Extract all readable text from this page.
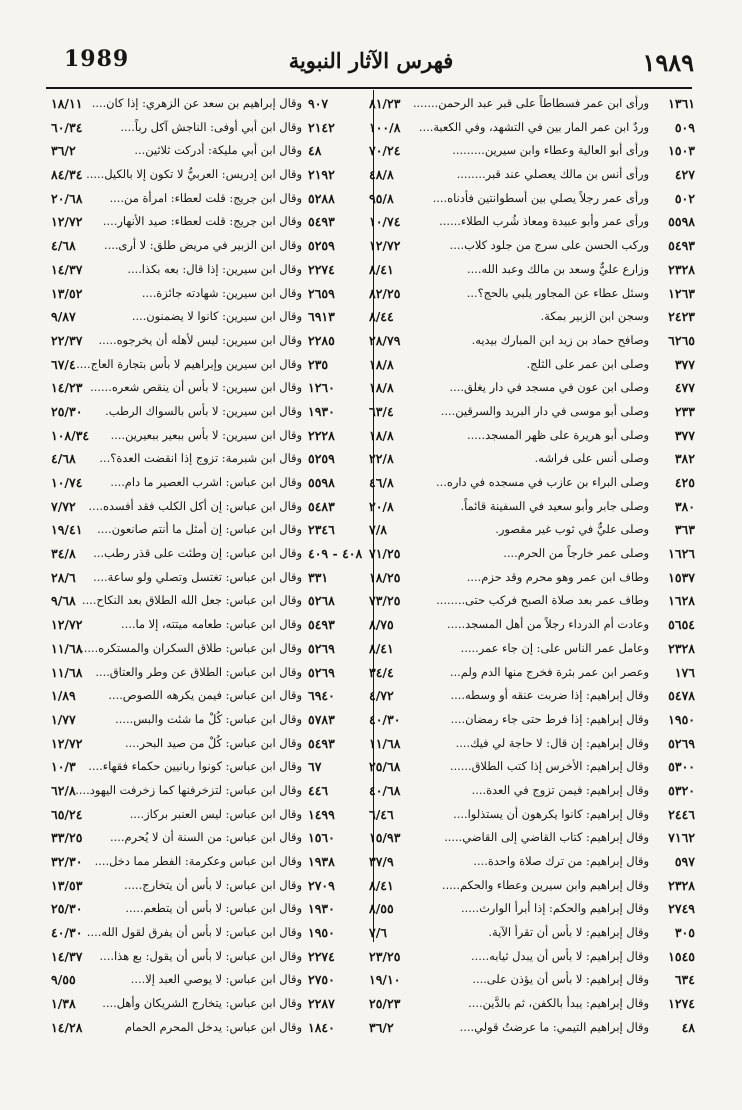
1989	فهرس الآثار النبوية	١٩٨٩
١٣٦١
ورأى ابن عمر فسطاطاً على قبر عبد الرحمن.......
٨١/٢٣
٥٠٩
وردٌ ابن عمر المار بين في التشهد، وفي الكعبة....
١٠٠/٨
١٥٠٣
ورأى أبو العالية وعطاء وابن سيرين.........
٧٠/٢٤
٤٢٧
ورأى أنس بن مالك يعصلي عند قبر........
٤٨/٨
٥٠٢
ورأى عمر رجلاً يصلي بين أسطوانتين فأدناه....
٩٥/٨
٥٥٩٨
ورأى عمر وأبو عبيدة ومعاذ شُرب الطلاء......
١٠/٧٤
٥٤٩٣
وركب الحسن على سرج من جلود كلاب....
١٢/٧٢
٢٣٢٨
وزارع عليٌّ وسعد بن مالك وعبد الله....
٨/٤١
١٢٦٣
وسئل عطاء عن المجاور يلبي بالحج؟...
٨٢/٢٥
٢٤٢٣
وسجن ابن الزبير بمكة.
٨/٤٤
٦٢٦٥
وصافح حماد بن زيد ابن المبارك بيديه.
٢٨/٧٩
٣٧٧
وصلى ابن عمر على الثلج.
١٨/٨
٤٧٧
وصلى ابن عون في مسجد في دار يغلق....
١٨/٨
٢٣٣
وصلى أبو موسى في دار البريد والسرقين....
٦٣/٤
٣٧٧
وصلى أبو هريرة على ظهر المسجد.....
١٨/٨
٣٨٢
وصلى أنس على فراشه.
٢٢/٨
٤٢٥
وصلى البراء بن عازب في مسجده في داره...
٤٦/٨
٣٨٠
وصلى جابر وأبو سعيد في السفينة قائماً.
٢٠/٨
٣٦٣
وصلى عليٌّ في ثوب غير مقصور.
٧/٨
١٦٢٦
وصلى عمر خارجاً من الحرم....
٧١/٢٥
١٥٣٧
وطاف ابن عمر وهو محرم وقد حزم....
١٨/٢٥
١٦٢٨
وطاف عمر بعد صلاة الصبح فركب حتى........
٧٣/٢٥
٥٦٥٤
وعادت أم الدرداء رجلاً من أهل المسجد.....
٨/٧٥
٢٣٢٨
وعامل عمر الناس على: إن جاء عمر.....
٨/٤١
١٧٦
وعصر ابن عمر بثرة فخرج منها الدم ولم...
٣٤/٤
٥٤٧٨
وقال إبراهيم: إذا ضربت عنقه أو وسطه....
٤/٧٢
١٩٥٠
وقال إبراهيم: إذا فرط حتى جاء رمضان....
٤٠/٣٠
٥٢٦٩
وقال إبراهيم: إن قال: لا حاجة لي فيك....
١١/٦٨
٥٣٠٠
وقال إبراهيم: الأخرس إذا كتب الطلاق......
٢٥/٦٨
٥٣٢٠
وقال إبراهيم: فيمن تزوج في العدة....
٤٠/٦٨
٢٤٤٦
وقال إبراهيم: كانوا يكرهون أن يستذلوا....
٦/٤٦
٧١٦٢
وقال إبراهيم: كتاب القاضي إلى القاضي.....
١٥/٩٣
٥٩٧
وقال إبراهيم: من ترك صلاة واحدة....
٣٧/٩
٢٣٢٨
وقال إبراهيم وابن سيرين وعطاء والحكم.....
٨/٤١
٢٧٤٩
وقال إبراهيم والحكم: إذا أبرأ الوارث.....
٨/٥٥
٣٠٥
وقال إبراهيم: لا بأس أن تقرأ الآية.
٧/٦
١٥٤٥
وقال إبراهيم: لا بأس أن يبدل ثيابه.....
٢٣/٢٥
٦٣٤
وقال إبراهيم: لا بأس أن يؤذن على....
١٩/١٠
١٢٧٤
وقال إبراهيم: يبدأ بالكفن، ثم بالدَّين....
٢٥/٢٣
٤٨
وقال إبراهيم التيمي: ما عرضتُ قولي....
٣٦/٢
٩٠٧
وقال إبراهيم بن سعد عن الزهري: إذا كان....
١٨/١١
٢١٤٢
وقال ابن أبي أوفى: الناجش آكل رباً....
٦٠/٣٤
٤٨
وقال ابن أبي مليكة: أدركت ثلاثين...
٣٦/٢
٢١٩٢
وقال ابن إدريس: العربيُّ لا تكون إلا بالكيل.....
٨٤/٣٤
٥٢٨٨
وقال ابن جريج: قلت لعطاء: امرأة من....
٢٠/٦٨
٥٤٩٣
وقال ابن جريج: قلت لعطاء: صيد الأنهار....
١٢/٧٢
٥٢٥٩
وقال ابن الزبير في مريض طلق: لا أرى....
٤/٦٨
٢٢٧٤
وقال ابن سيرين: إذا قال: بعه بكذا....
١٤/٣٧
٢٦٥٩
وقال ابن سيرين: شهادته جائزة....
١٣/٥٢
٦٩١٣
وقال ابن سيرين: كانوا لا يضمنون....
٩/٨٧
٢٢٨٥
وقال ابن سيرين: ليس لأهله أن يخرجوه.....
٢٢/٣٧
٢٣٥
وقال ابن سيرين وإبراهيم لا بأس بتجارة العاج....
٦٧/٤
١٢٦٠
وقال ابن سيرين: لا بأس أن ينقص شعره......
١٤/٢٣
١٩٣٠
وقال ابن سيرين: لا بأس بالسواك الرطب.
٢٥/٣٠
٢٢٢٨
وقال ابن سيرين: لا بأس ببعير ببعيرين....
١٠٨/٣٤
٥٢٥٩
وقال ابن شبرمة: تزوج إذا انقضت العدة؟...
٤/٦٨
٥٥٩٨
وقال ابن عباس: اشرب العصير ما دام....
١٠/٧٤
٥٤٨٣
وقال ابن عباس: إن أكل الكلب فقد أفسده....
٧/٧٢
٢٣٤٦
وقال ابن عباس: إن أمثل ما أنتم صانعون....
١٩/٤١
٤٠٨ - ٤٠٩
وقال ابن عباس: إن وطئت على قذر رطب...
٣٤/٨
٣٣١
وقال ابن عباس: تغتسل وتصلي ولو ساعة....
٢٨/٦
٥٢٦٨
وقال ابن عباس: جعل الله الطلاق بعد النكاح....
٩/٦٨
٥٤٩٣
وقال ابن عباس: طعامه ميتته، إلا ما....
١٢/٧٢
٥٢٦٩
وقال ابن عباس: طلاق السكران والمستكره.....
١١/٦٨
٥٢٦٩
وقال ابن عباس: الطلاق عن وطر والعتاق....
١١/٦٨
٦٩٤٠
وقال ابن عباس: فيمن يكرهه اللصوص....
١/٨٩
٥٧٨٣
وقال ابن عباس: كُلْ ما شئت والبس.....
١/٧٧
٥٤٩٣
وقال ابن عباس: كُلْ من صيد البحر....
١٢/٧٢
٦٧
وقال ابن عباس: كونوا ربانيين حكماء فقهاء....
١٠/٣
٤٤٦
وقال ابن عباس: لتزخرفنها كما زخرفت اليهود....
٦٢/٨
١٤٩٩
وقال ابن عباس: ليس العنبر بركاز....
٦٥/٢٤
١٥٦٠
وقال ابن عباس: من السنة أن لا يُحرم....
٣٣/٢٥
١٩٣٨
وقال ابن عباس وعكرمة: الفطر مما دخل....
٣٢/٣٠
٢٧٠٩
وقال ابن عباس: لا بأس أن يتخارج.....
١٣/٥٣
١٩٣٠
وقال ابن عباس: لا بأس أن يتطعم.....
٢٥/٣٠
١٩٥٠
وقال ابن عباس: لا بأس أن يفرق لقول الله....
٤٠/٣٠
٢٢٧٤
وقال ابن عباس: لا بأس أن يقول: بع هذا....
١٤/٣٧
٢٧٥٠
وقال ابن عباس: لا يوصي العبد إلا....
٩/٥٥
٢٢٨٧
وقال ابن عباس: يتخارج الشريكان وأهل....
١/٣٨
١٨٤٠
وقال ابن عباس: يدخل المحرم الحمام
١٤/٢٨
